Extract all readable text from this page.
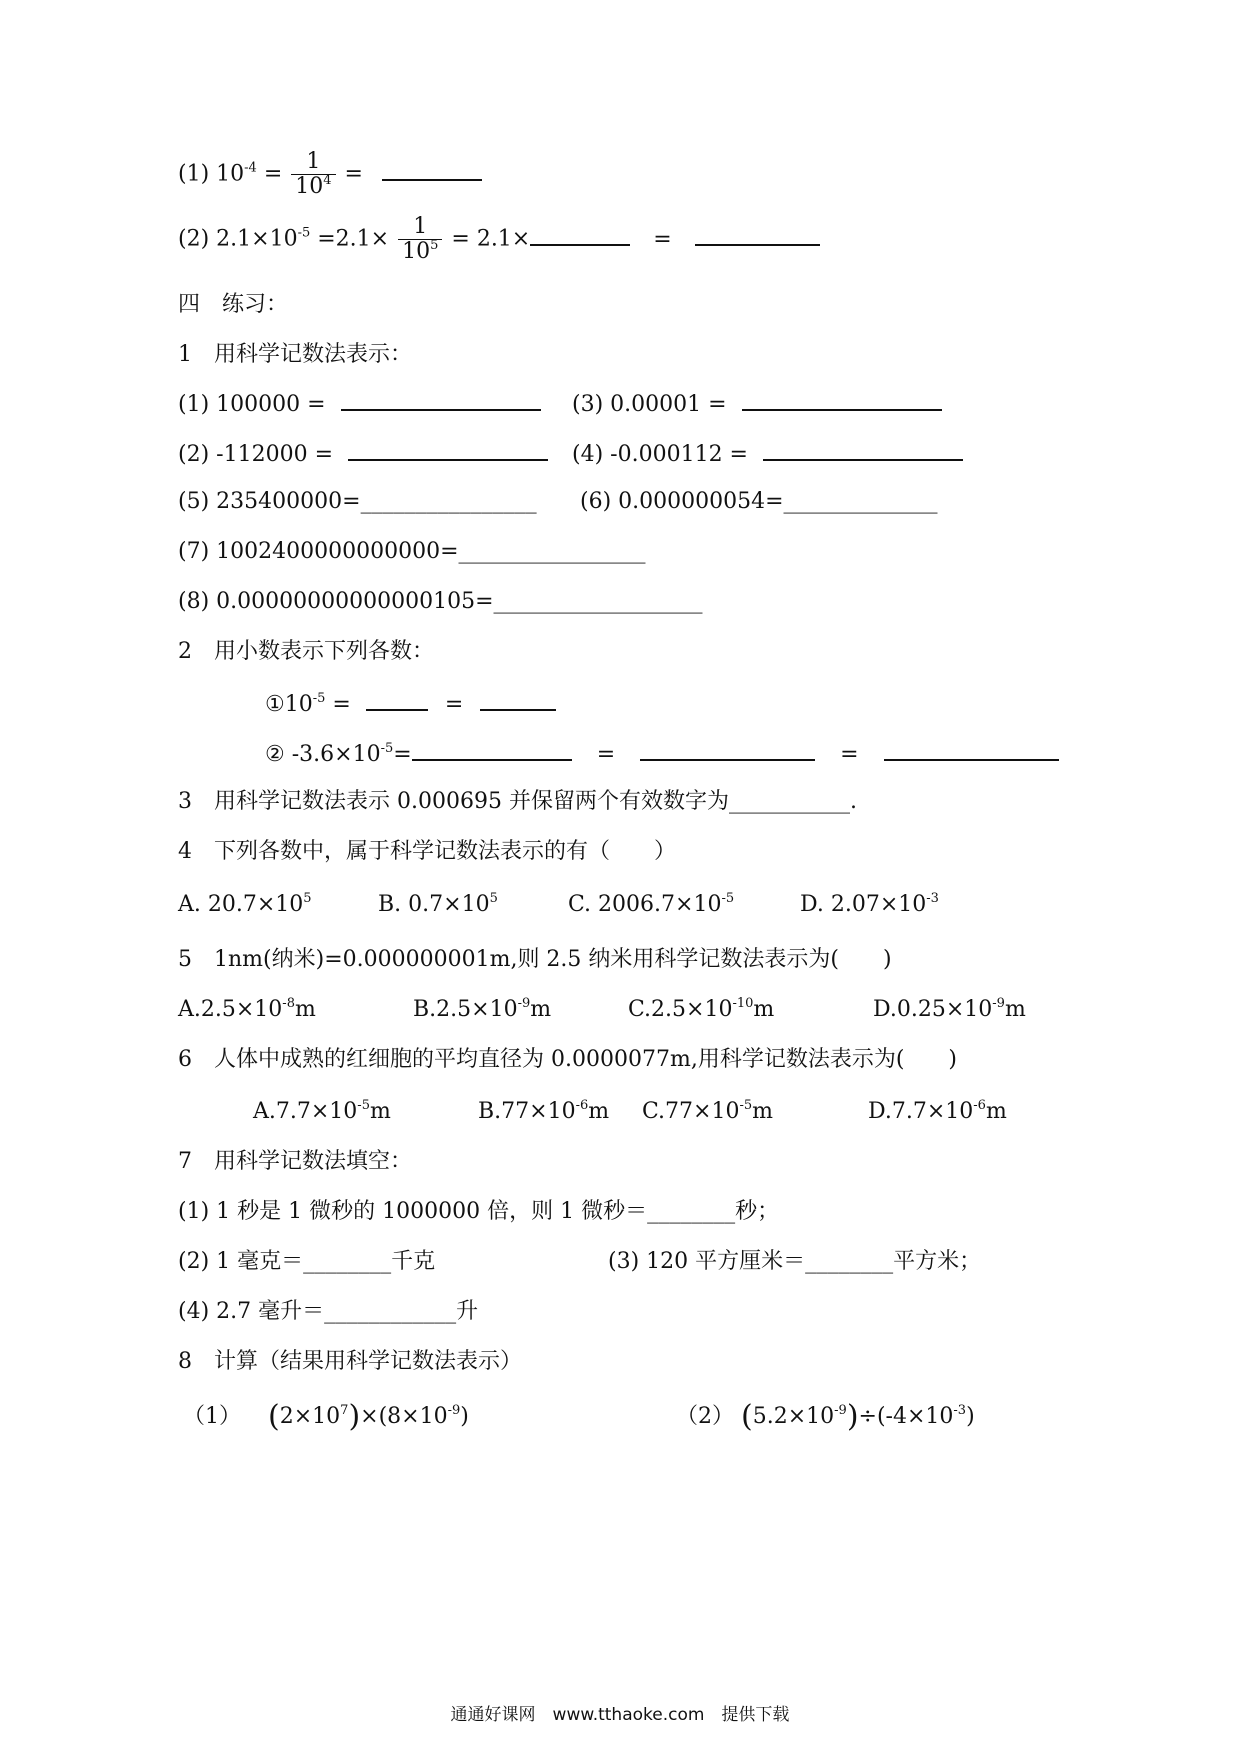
(1) $10^{-4} = \frac{1}{10^4}$ =
(2) $2.1\times 10^{-5} =2.1\times \frac{1}{10^5} = 2.1\times$	=
四　练习：
1　用科学记数法表示：
(1) 100000 =	(3) 0.00001 =
(2) -112000 =	(4) -0.000112 =
(5) 235400000=________________ (6) 0.000000054=______________
(7) 1002400000000000=_________________
(8) 0.00000000000000105=___________________
2　用小数表示下列各数：
$①10^{-5}$ =	=
② $-3.6\times 10^{-5}=$	=	=
3　用科学记数法表示 0.000695 并保留两个有效数字为___________.
4　下列各数中，属于科学记数法表示的有（　　）
A. $20.7\times 10^5$	B. $0.7\times 10^5$	C. $2006.7\times 10^{-5}$	D. $2.07\times 10^{-3}$
5　1nm(纳米)=0.000000001m,则 2.5 纳米用科学记数法表示为(　　)
$A.2.5\times 10^{-8}m$	$B.2.5\times 10^{-9}m$	$C.2.5\times 10^{-10}m$	$D.0.25\times 10^{-9}m$
6　人体中成熟的红细胞的平均直径为 0.0000077m,用科学记数法表示为(　　)
$A.7.7\times 10^{-5}m$	$B.77\times 10^{-6}m$ $C.77\times 10^{-5}m$	$D.7.7\times 10^{-6}m$
7　用科学记数法填空：
(1) 1 秒是 1 微秒的 1000000 倍，则 1 微秒＝________秒；
(2) 1 毫克＝________千克	(3) 120 平方厘米＝________平方米；
(4) 2.7 毫升＝____________升
8　计算（结果用科学记数法表示）
（1） $(2\times 10^7)\times(8\times 10^{-9})$	（2） $(5.2\times 10^{-9})\div(-4\times 10^{-3})$
通通好课网　www.tthaoke.com　提供下载
